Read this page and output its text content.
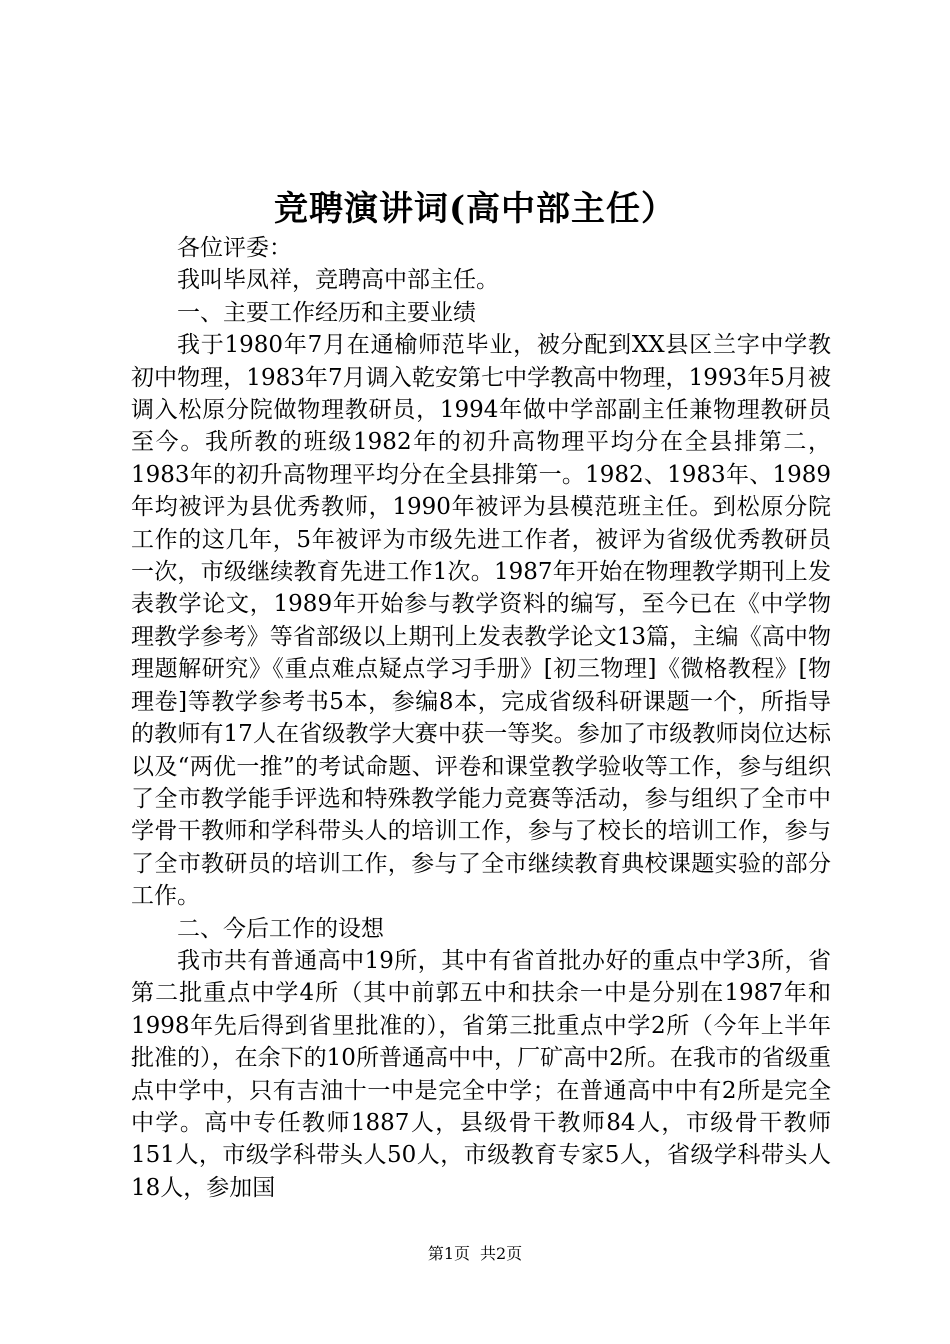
竞聘演讲词(高中部主任）

各位评委：

我叫毕凤祥，竞聘高中部主任。

一、主要工作经历和主要业绩

我于1980年7月在通榆师范毕业，被分配到XX县区兰字中学教初中物理，1983年7月调入乾安第七中学教高中物理，1993年5月被调入松原分院做物理教研员，1994年做中学部副主任兼物理教研员至今。我所教的班级1982年的初升高物理平均分在全县排第二，1983年的初升高物理平均分在全县排第一。1982、1983年、1989年均被评为县优秀教师，1990年被评为县模范班主任。到松原分院工作的这几年，5年被评为市级先进工作者，被评为省级优秀教研员一次，市级继续教育先进工作1次。1987年开始在物理教学期刊上发表教学论文，1989年开始参与教学资料的编写，至今已在《中学物理教学参考》等省部级以上期刊上发表教学论文13篇，主编《高中物理题解研究》《重点难点疑点学习手册》[初三物理]《微格教程》[物理卷]等教学参考书5本，参编8本，完成省级科研课题一个，所指导的教师有17人在省级教学大赛中获一等奖。参加了市级教师岗位达标以及“两优一推”的考试命题、评卷和课堂教学验收等工作，参与组织了全市教学能手评选和特殊教学能力竞赛等活动，参与组织了全市中学骨干教师和学科带头人的培训工作，参与了校长的培训工作，参与了全市教研员的培训工作，参与了全市继续教育典校课题实验的部分工作。

二、今后工作的设想

我市共有普通高中19所，其中有省首批办好的重点中学3所，省第二批重点中学4所（其中前郭五中和扶余一中是分别在1987年和1998年先后得到省里批准的），省第三批重点中学2所（今年上半年批准的），在余下的10所普通高中中，厂矿高中2所。在我市的省级重点中学中，只有吉油十一中是完全中学；在普通高中中有2所是完全中学。高中专任教师1887人，县级骨干教师84人，市级骨干教师151人，市级学科带头人50人，市级教育专家5人，省级学科带头人18人，参加国

第1页 共2页
